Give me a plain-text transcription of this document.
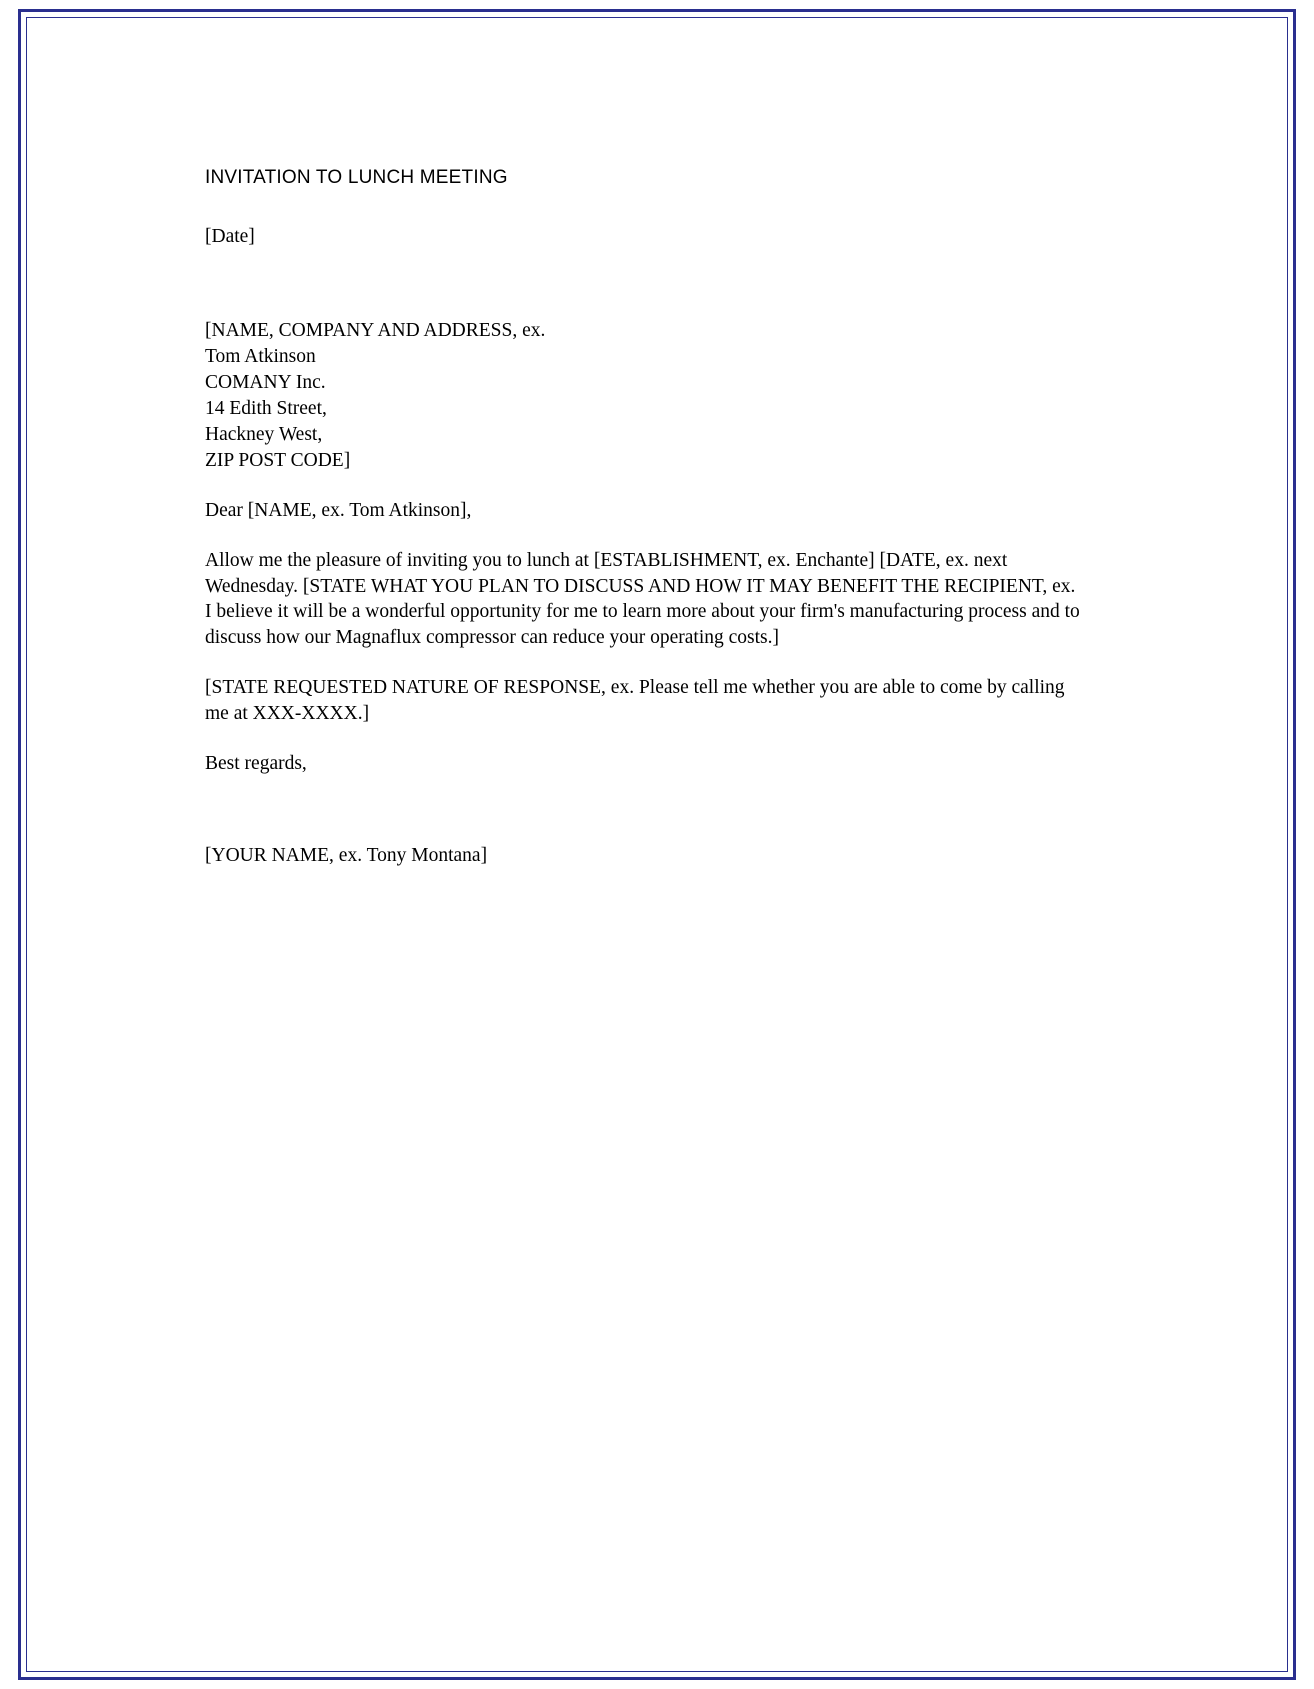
INVITATION TO LUNCH MEETING
[Date]
[NAME, COMPANY AND ADDRESS, ex.
Tom Atkinson
COMANY Inc.
14 Edith Street,
Hackney West,
ZIP POST CODE]
Dear [NAME, ex. Tom Atkinson],
Allow me the pleasure of inviting you to lunch at [ESTABLISHMENT, ex. Enchante] [DATE, ex. next Wednesday. [STATE WHAT YOU PLAN TO DISCUSS AND HOW IT MAY BENEFIT THE RECIPIENT, ex. I believe it will be a wonderful opportunity for me to learn more about your firm's manufacturing process and to discuss how our Magnaflux compressor can reduce your operating costs.]
[STATE REQUESTED NATURE OF RESPONSE, ex. Please tell me whether you are able to come by calling me at XXX-XXXX.]
Best regards,
[YOUR NAME, ex. Tony Montana]
